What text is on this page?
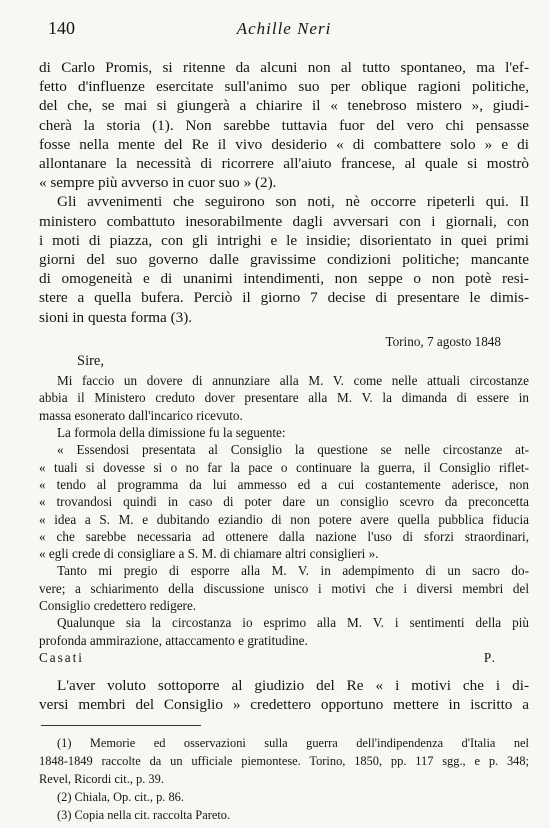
140	Achille Neri
di Carlo Promis, si ritenne da alcuni non al tutto spontaneo, ma l'ef-
fetto d'influenze esercitate sull'animo suo per oblique ragioni politiche,
del che, se mai si giungerà a chiarire il « tenebroso mistero », giudi-
cherà la storia (1). Non sarebbe tuttavia fuor del vero chi pensasse
fosse nella mente del Re il vivo desiderio « di combattere solo » e di
allontanare la necessità di ricorrere all'aiuto francese, al quale si mostrò
« sempre più avverso in cuor suo » (2).
Gli avvenimenti che seguirono son noti, nè occorre ripeterli qui. Il
ministero combattuto inesorabilmente dagli avversari con i giornali, con
i moti di piazza, con gli intrighi e le insidie; disorientato in quei primi
giorni del suo governo dalle gravissime condizioni politiche; mancante
di omogeneità e di unanimi intendimenti, non seppe o non potè resi-
stere a quella bufera. Perciò il giorno 7 decise di presentare le dimis-
sioni in questa forma (3).
Torino, 7 agosto 1848
Sire,
Mi faccio un dovere di annunziare alla M. V. come nelle attuali circostanze
abbia il Ministero creduto dover presentare alla M. V. la dimanda di essere in
massa esonerato dall'incarico ricevuto.
La formola della dimissione fu la seguente:
« Essendosi presentata al Consiglio la questione se nelle circostanze at-
« tuali si dovesse si o no far la pace o continuare la guerra, il Consiglio riflet-
« tendo al programma da lui ammesso ed a cui costantemente aderisce, non
« trovandosi quindi in caso di poter dare un consiglio scevro da preconcetta
« idea a S. M. e dubitando eziandio di non potere avere quella pubblica fiducia
« che sarebbe necessaria ad ottenere dalla nazione l'uso di sforzi straordinari,
« egli crede di consigliare a S. M. di chiamare altri consiglieri ».
Tanto mi pregio di esporre alla M. V. in adempimento di un sacro do-
vere; a schiarimento della discussione unisco i motivi che i diversi membri del
Consiglio credettero redigere.
Qualunque sia la circostanza io esprimo alla M. V. i sentimenti della più
profonda ammirazione, attaccamento e gratitudine.
Casati P.
L'aver voluto sottoporre al giudizio del Re « i motivi che i di-
versi membri del Consiglio » credettero opportuno mettere in iscritto a
(1) Memorie ed osservazioni sulla guerra dell'indipendenza d'Italia nel
1848-1849 raccolte da un ufficiale piemontese. Torino, 1850, pp. 117 sgg., e p. 348;
Revel, Ricordi cit., p. 39.
(2) Chiala, Op. cit., p. 86.
(3) Copia nella cit. raccolta Pareto.
